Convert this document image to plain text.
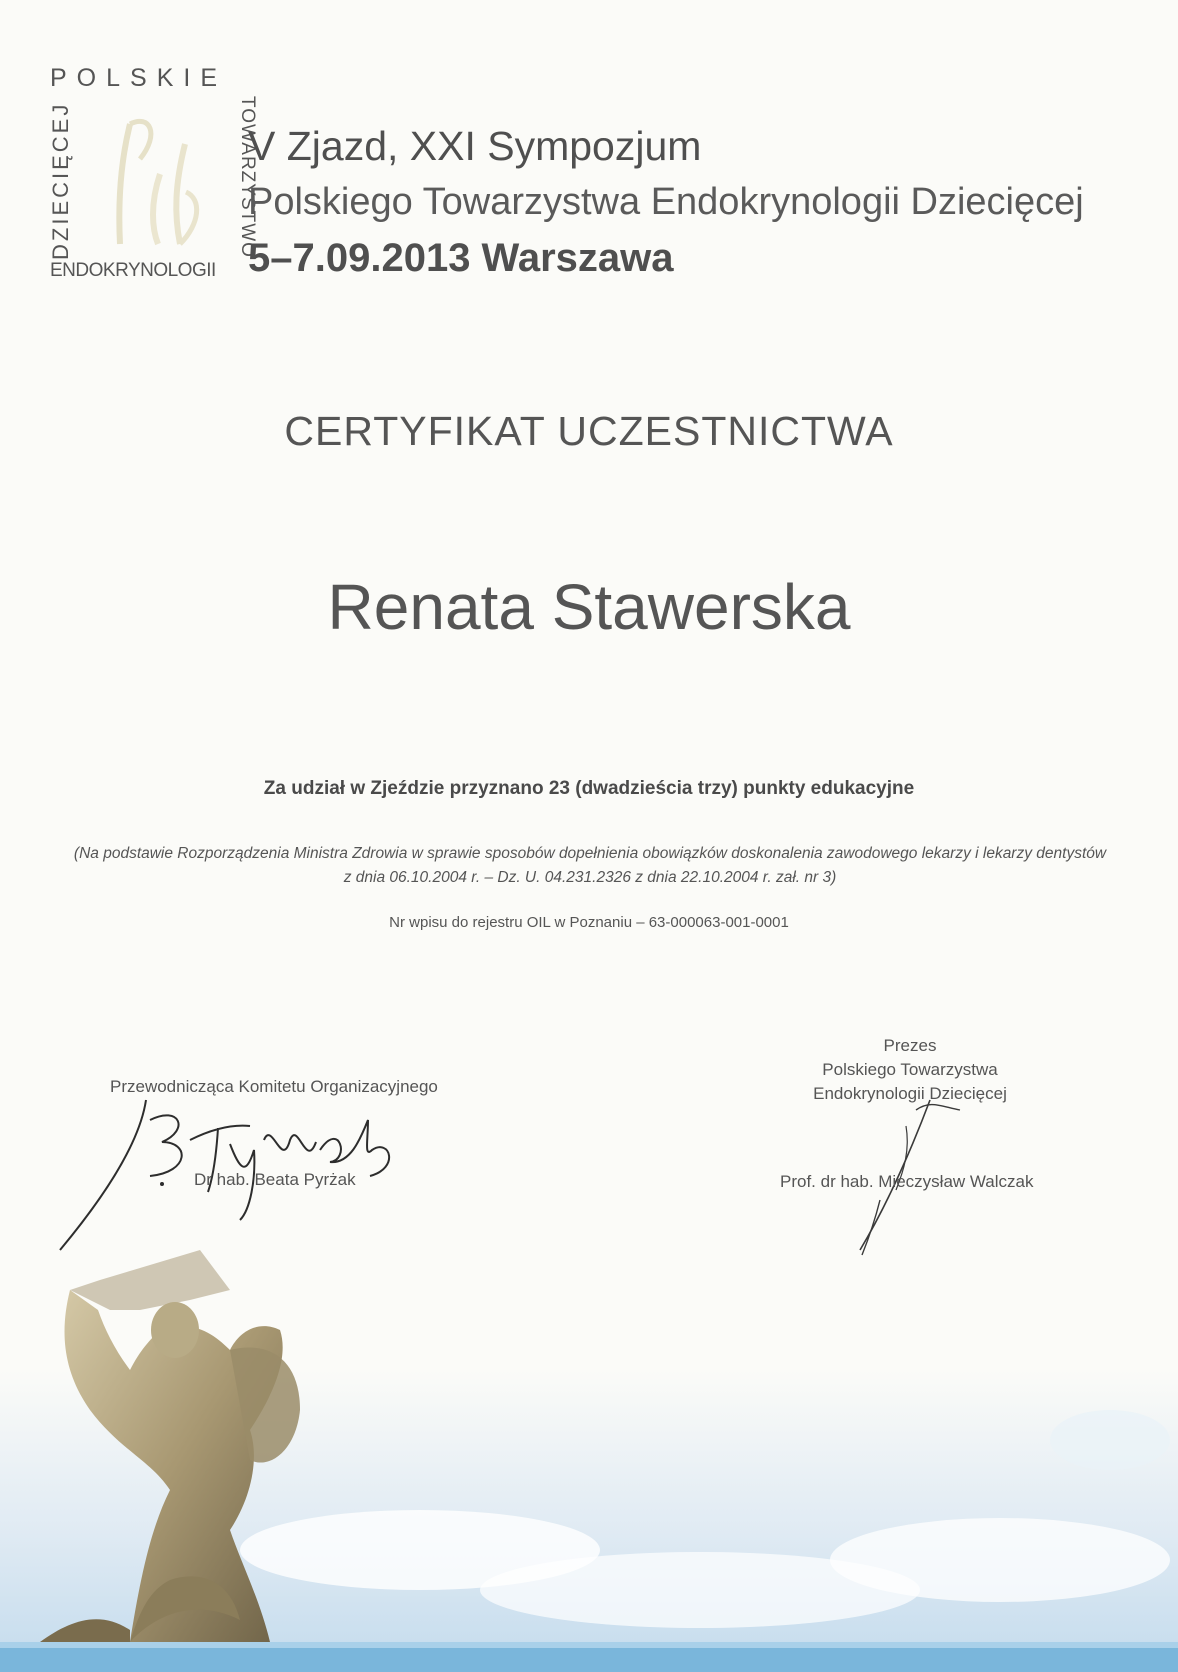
POLSKIE
DZIECIĘCEJ	TOWARZYSTWO
ENDOKRYNOLOGII
V Zjazd, XXI Sympozjum
Polskiego Towarzystwa Endokrynologii Dziecięcej
5–7.09.2013 Warszawa
CERTYFIKAT UCZESTNICTWA
Renata Stawerska
Za udział w Zjeździe przyznano 23 (dwadzieścia trzy) punkty edukacyjne
(Na podstawie Rozporządzenia Ministra Zdrowia w sprawie sposobów dopełnienia obowiązków doskonalenia zawodowego lekarzy i lekarzy dentystów
z dnia 06.10.2004 r. – Dz. U. 04.231.2326 z dnia 22.10.2004 r. zał. nr 3)
Nr wpisu do rejestru OIL w Poznaniu – 63-000063-001-0001
Przewodnicząca Komitetu Organizacyjnego
Dr hab. Beata Pyrżak
Prezes
Polskiego Towarzystwa
Endokrynologii Dziecięcej
Prof. dr hab. Mieczysław Walczak
